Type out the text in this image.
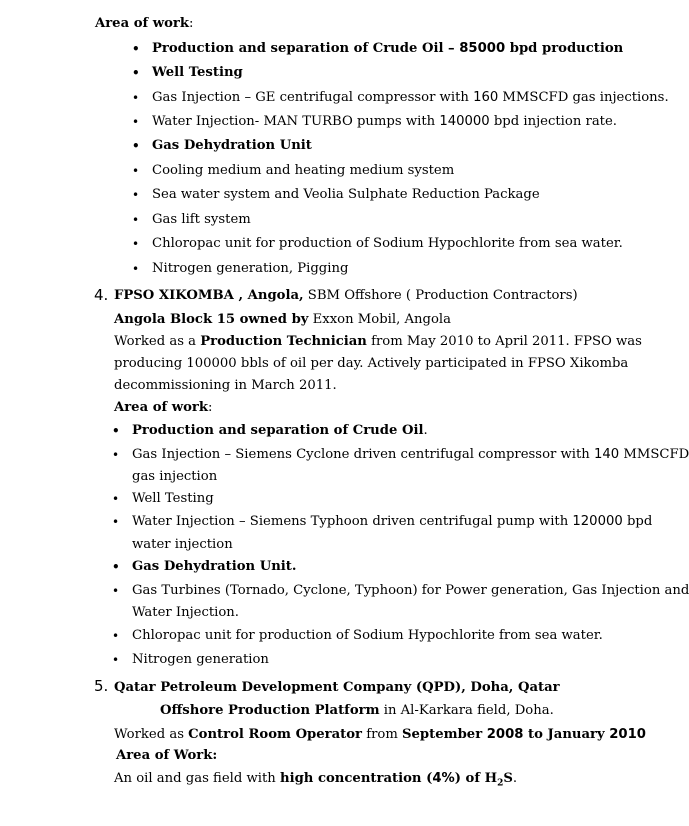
Area of work:
• Production and separation of Crude Oil – 85000 bpd production
• Well Testing
• Gas Injection – GE centrifugal compressor with 160 MMSCFD gas injections.
• Water Injection- MAN TURBO pumps with 140000 bpd injection rate.
• Gas Dehydration Unit
• Cooling medium and heating medium system
• Sea water system and Veolia Sulphate Reduction Package
• Gas lift system
• Chloropac unit for production of Sodium Hypochlorite from sea water.
• Nitrogen generation, Pigging
4. FPSO XIKOMBA , Angola, SBM Offshore ( Production Contractors)
Angola Block 15 owned by Exxon Mobil, Angola
Worked as a Production Technician from May 2010 to April 2011. FPSO was
producing 100000 bbls of oil per day. Actively participated in FPSO Xikomba
decommissioning in March 2011.
Area of work:
• Production and separation of Crude Oil.
• Gas Injection – Siemens Cyclone driven centrifugal compressor with 140 MMSCFD
gas injection
• Well Testing
• Water Injection – Siemens Typhoon driven centrifugal pump with 120000 bpd
water injection
• Gas Dehydration Unit.
• Gas Turbines (Tornado, Cyclone, Typhoon) for Power generation, Gas Injection and
Water Injection.
• Chloropac unit for production of Sodium Hypochlorite from sea water.
• Nitrogen generation
5. Qatar Petroleum Development Company (QPD), Doha, Qatar
Offshore Production Platform in Al-Karkara field, Doha.
Worked as Control Room Operator from September 2008 to January 2010
Area of Work:
An oil and gas field with high concentration (4%) of $H_2S$.
